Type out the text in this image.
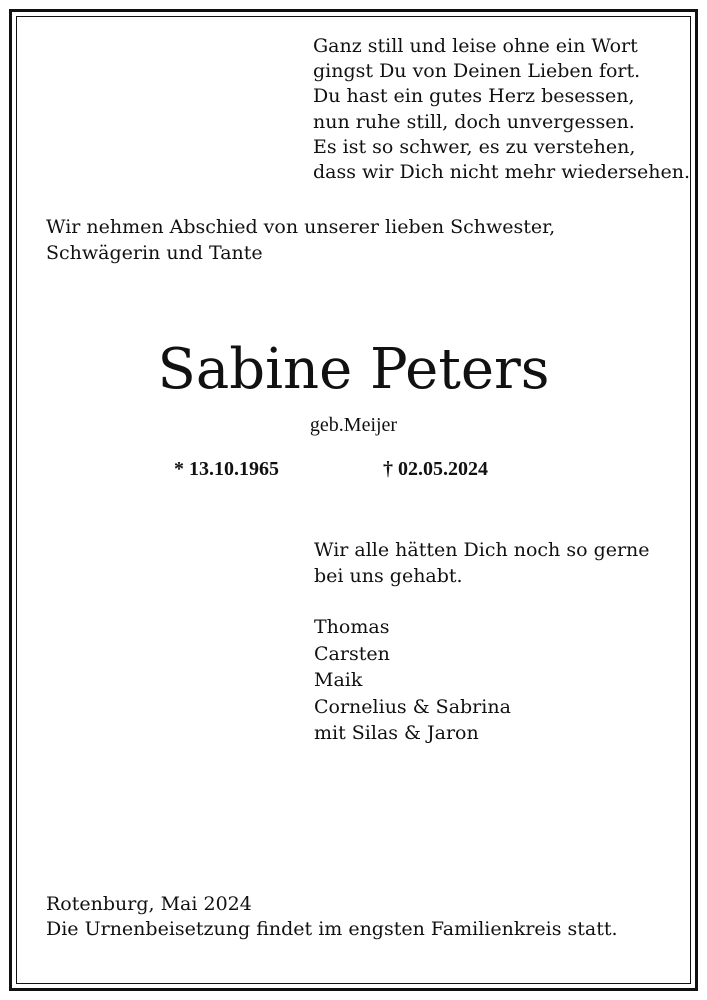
Ganz still und leise ohne ein Wort
gingst Du von Deinen Lieben fort.
Du hast ein gutes Herz besessen,
nun ruhe still, doch unvergessen.
Es ist so schwer, es zu verstehen,
dass wir Dich nicht mehr wiedersehen.

Wir nehmen Abschied von unserer lieben Schwester,
Schwägerin und Tante

Sabine Peters

geb.Meijer

* 13.10.1965	† 02.05.2024

Wir alle hätten Dich noch so gerne
bei uns gehabt.

Thomas
Carsten
Maik
Cornelius & Sabrina
mit Silas & Jaron

Rotenburg, Mai 2024
Die Urnenbeisetzung findet im engsten Familienkreis statt.
